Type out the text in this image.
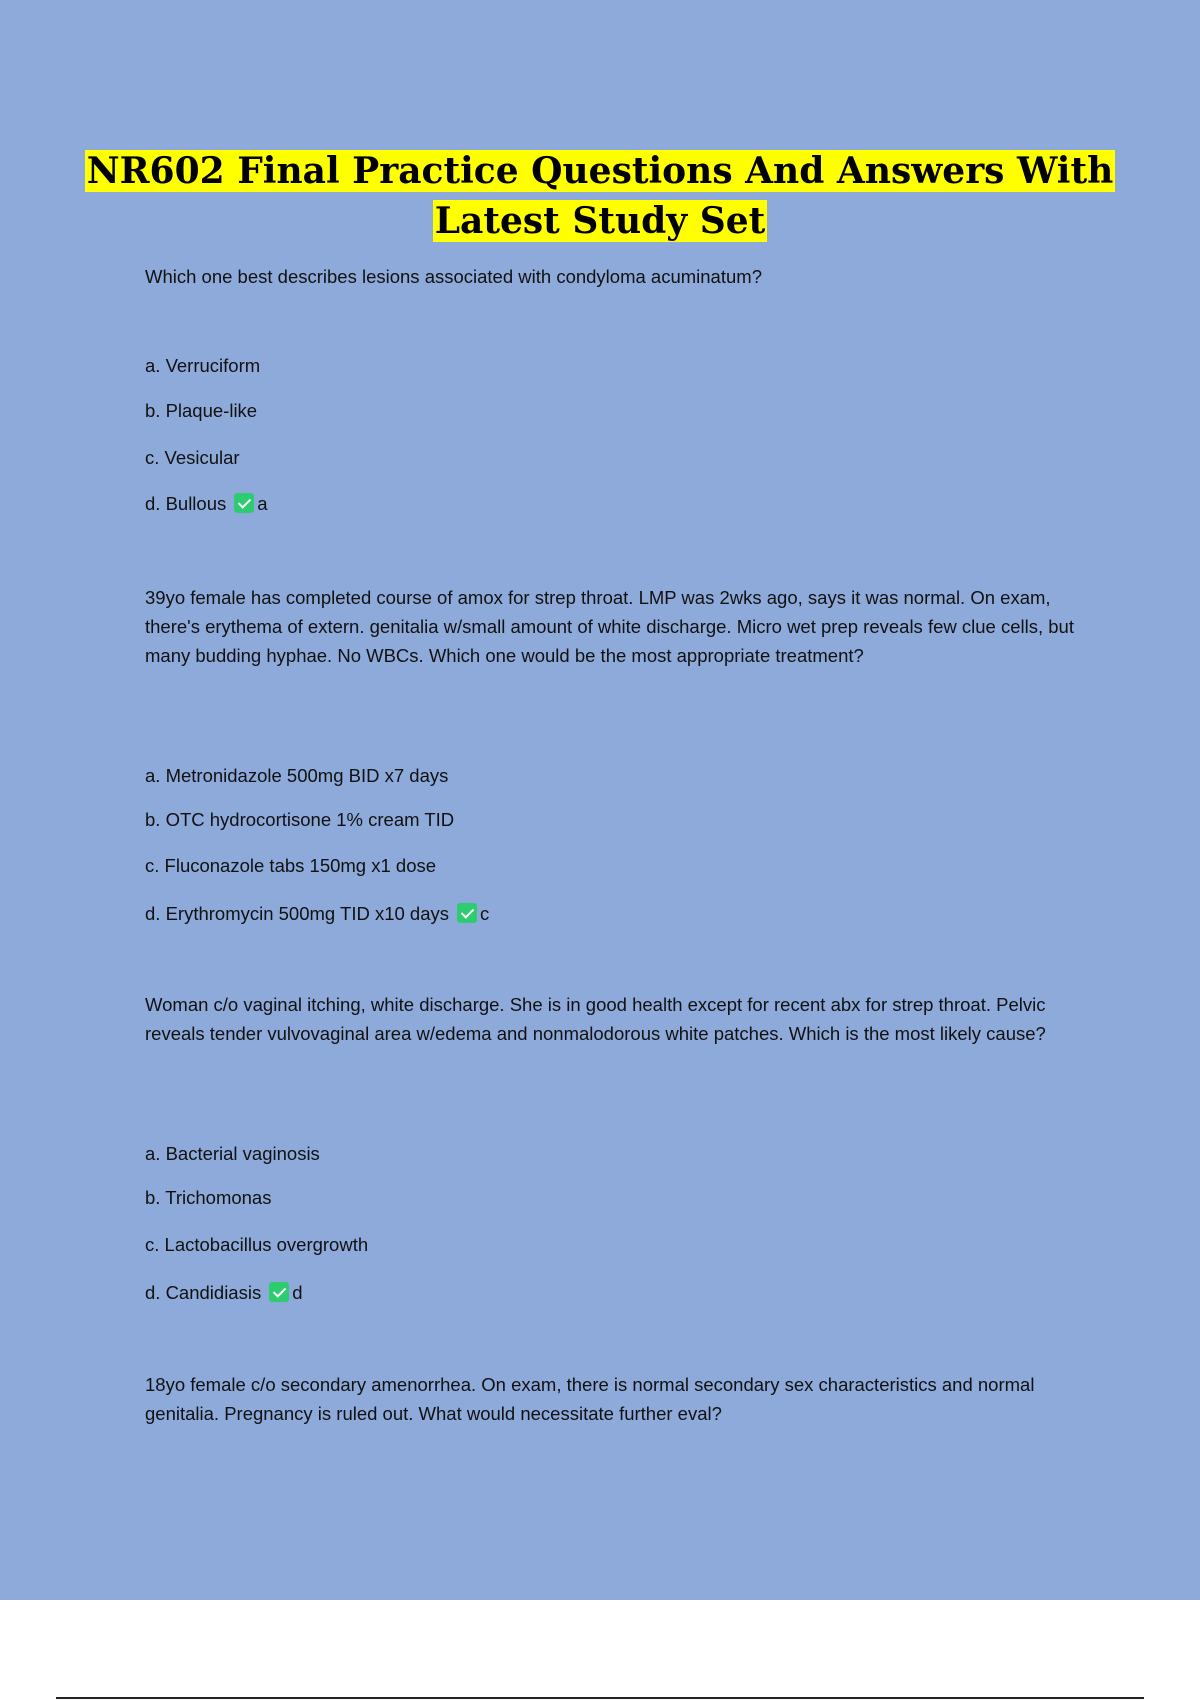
NR602 Final Practice Questions And Answers With
Latest Study Set

Which one best describes lesions associated with condyloma acuminatum?

a. Verruciform

b. Plaque-like

c. Vesicular

d. Bullous a

39yo female has completed course of amox for strep throat. LMP was 2wks ago, says it was normal. On exam, there's erythema of extern. genitalia w/small amount of white discharge. Micro wet prep reveals few clue cells, but many budding hyphae. No WBCs. Which one would be the most appropriate treatment?

a. Metronidazole 500mg BID x7 days

b. OTC hydrocortisone 1% cream TID

c. Fluconazole tabs 150mg x1 dose

d. Erythromycin 500mg TID x10 days c

Woman c/o vaginal itching, white discharge. She is in good health except for recent abx for strep throat. Pelvic reveals tender vulvovaginal area w/edema and nonmalodorous white patches. Which is the most likely cause?

a. Bacterial vaginosis

b. Trichomonas

c. Lactobacillus overgrowth

d. Candidiasis d

18yo female c/o secondary amenorrhea. On exam, there is normal secondary sex characteristics and normal genitalia. Pregnancy is ruled out. What would necessitate further eval?
